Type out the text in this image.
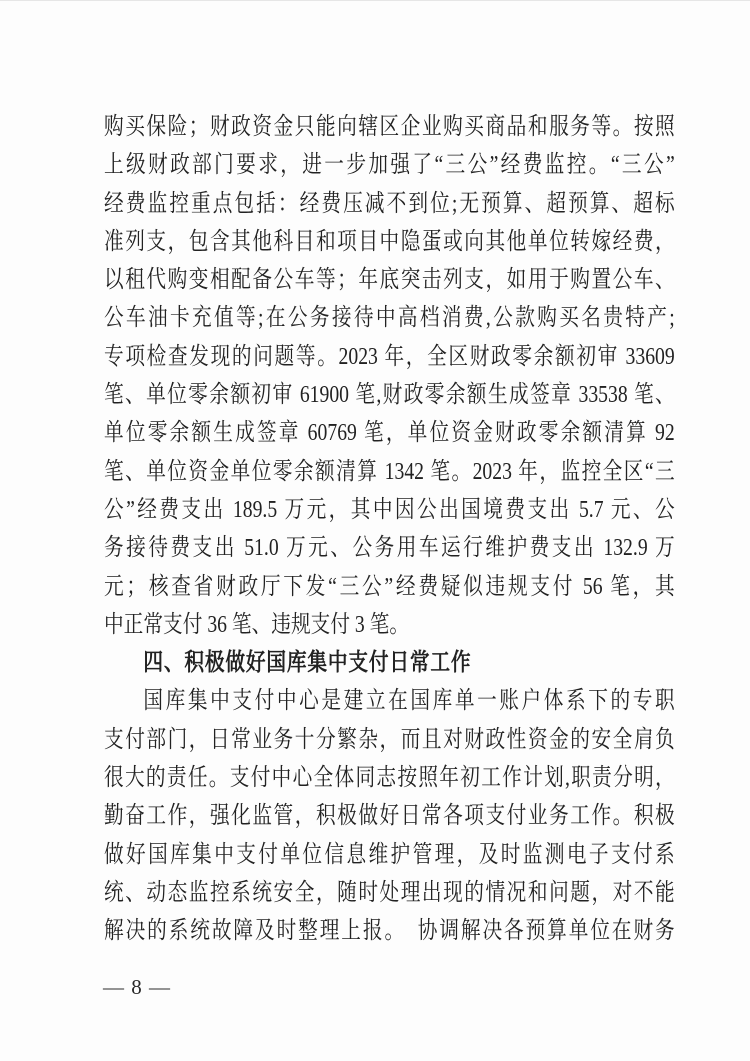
购买保险；财政资金只能向辖区企业购买商品和服务等。按照
上级财政部门要求，进一步加强了“三公”经费监控。“三公”
经费监控重点包括：经费压减不到位;无预算、超预算、超标
准列支，包含其他科目和项目中隐蛋或向其他单位转嫁经费，
以租代购变相配备公车等；年底突击列支，如用于购置公车、
公车油卡充值等;在公务接待中高档消费,公款购买名贵特产;
专项检查发现的问题等。2023 年，全区财政零余额初审 33609
笔、单位零余额初审 61900 笔,财政零余额生成签章 33538 笔、
单位零余额生成签章 60769 笔，单位资金财政零余额清算 92
笔、单位资金单位零余额清算 1342 笔。2023 年，监控全区“三
公”经费支出 189.5 万元，其中因公出国境费支出 5.7 元、公
务接待费支出 51.0 万元、公务用车运行维护费支出 132.9 万
元；核查省财政厅下发“三公”经费疑似违规支付 56 笔，其
中正常支付 36 笔、违规支付 3 笔。
四、积极做好国库集中支付日常工作
国库集中支付中心是建立在国库单一账户体系下的专职
支付部门，日常业务十分繁杂，而且对财政性资金的安全肩负
很大的责任。支付中心全体同志按照年初工作计划,职责分明，
勤奋工作，强化监管，积极做好日常各项支付业务工作。积极
做好国库集中支付单位信息维护管理，及时监测电子支付系
统、动态监控系统安全，随时处理出现的情况和问题，对不能
解决的系统故障及时整理上报。　协调解决各预算单位在财务
— 8 —
